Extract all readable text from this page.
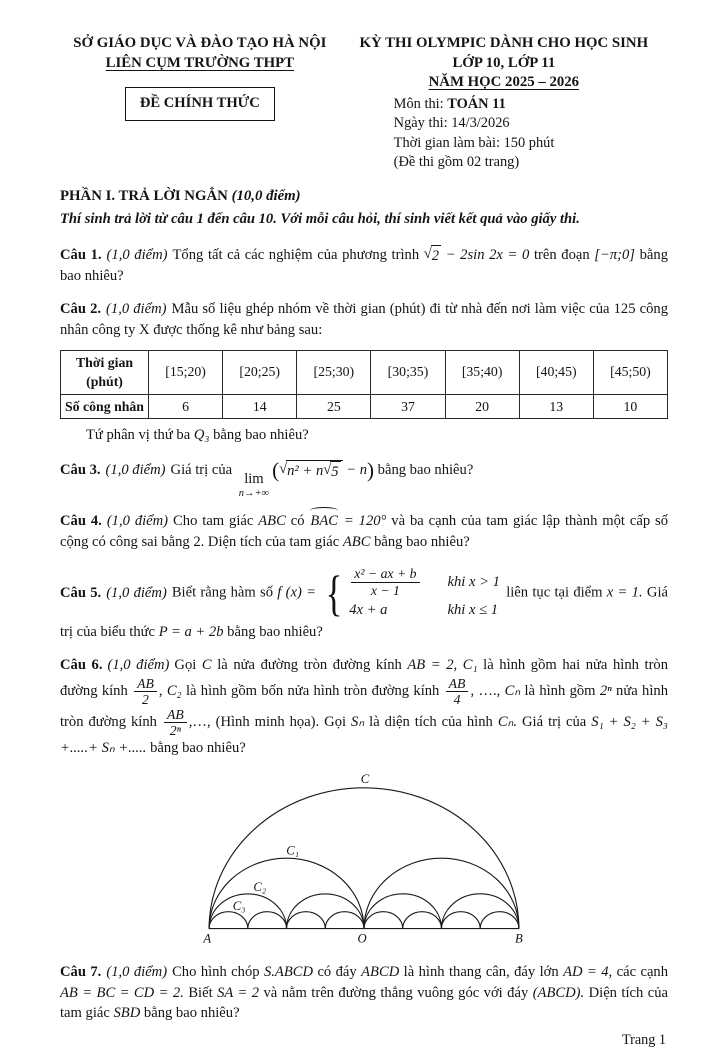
SỞ GIÁO DỤC VÀ ĐÀO TẠO HÀ NỘI
LIÊN CỤM TRƯỜNG THPT
ĐỀ CHÍNH THỨC
KỲ THI OLYMPIC DÀNH CHO HỌC SINH
LỚP 10, LỚP 11
NĂM HỌC 2025 – 2026
Môn thi: TOÁN 11
Ngày thi: 14/3/2026
Thời gian làm bài: 150 phút
(Đề thi gồm 02 trang)

PHẦN I. TRẢ LỜI NGẮN (10,0 điểm)

Thí sinh trả lời từ câu 1 đến câu 10. Với mỗi câu hỏi, thí sinh viết kết quả vào giấy thi.

Câu 1. (1,0 điểm) Tổng tất cả các nghiệm của phương trình √ 2 − 2sin 2x = 0 trên đoạn [−π;0] bằng bao nhiêu?

Câu 2. (1,0 điểm) Mẫu số liệu ghép nhóm về thời gian (phút) đi từ nhà đến nơi làm việc của 125 công nhân công ty X được thống kê như bảng sau:

Thời gian (phút)	[15;20)	[20;25)	[25;30)	[30;35)	[35;40)	[40;45)	[45;50)
Số công nhân	6	14	25	37	20	13	10

Tứ phân vị thứ ba Q₃ bằng bao nhiêu?

Câu 3. (1,0 điểm) Giá trị của
lim
n→+∞
( √ n² + n √ 5 − n) bằng bao nhiêu?

Câu 4. (1,0 điểm) Cho tam giác ABC có BAC = 120° và ba cạnh của tam giác lập thành một cấp số cộng có công sai bằng 2. Diện tích của tam giác ABC bằng bao nhiêu?

Câu 5. (1,0 điểm) Biết rằng hàm số f (x) = { $\frac{\text{x² − ax + b}}{x - 1}$ khi x > 1
4x + a	khi x ≤ 1
liên tục tại điểm x = 1. Giá trị của biểu thức P = a + 2b bằng bao nhiêu?

Câu 6. (1,0 điểm) Gọi C là nửa đường tròn đường kính AB = 2, C₁ là hình gồm hai nửa hình tròn đường kính $\frac{AB}{2}$ , C₂ là hình gồm bốn nửa hình tròn đường kính $\frac{AB}{4}$ , …., Cₙ là hình gồm 2ⁿ nửa hình tròn đường kính $\frac{AB}{\text{2ⁿ}}$ ,…, (Hình minh họa). Gọi Sₙ là diện tích của hình Cₙ. Giá trị của S₁ + S₂ + S₃ +.....+ Sₙ +..... bằng bao nhiêu?

C
C₁
C₂
C₃
A	O	B

Câu 7. (1,0 điểm) Cho hình chóp S.ABCD có đáy ABCD là hình thang cân, đáy lớn AD = 4, các cạnh AB = BC = CD = 2. Biết SA = 2 và nằm trên đường thẳng vuông góc với đáy (ABCD). Diện tích của tam giác SBD bằng bao nhiêu?

Trang 1
